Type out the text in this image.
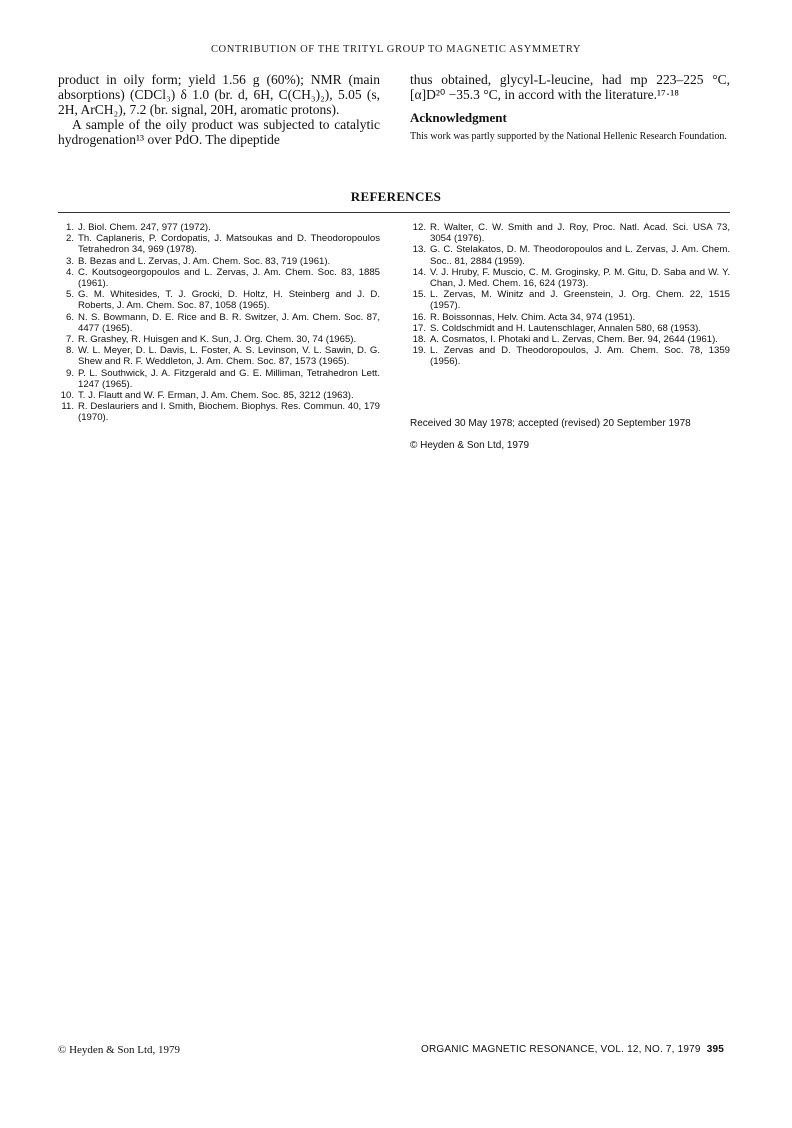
CONTRIBUTION OF THE TRITYL GROUP TO MAGNETIC ASYMMETRY

product in oily form; yield 1.56 g (60%); NMR (main absorptions) (CDCl₃) δ 1.0 (br. d, 6H, C(CH₃)₂), 5.05 (s, 2H, ArCH₂), 7.2 (br. signal, 20H, aromatic protons).

A sample of the oily product was subjected to catalytic hydrogenation¹³ over PdO. The dipeptide

thus obtained, glycyl-L-leucine, had mp 223–225 °C, [α]D²⁰ −35.3 °C, in accord with the literature.¹⁷·¹⁸

Acknowledgment

This work was partly supported by the National Hellenic Research Foundation.

REFERENCES
1. J. Biol. Chem. 247, 977 (1972).
2. Th. Caplaneris, P. Cordopatis, J. Matsoukas and D. Theodoropoulos Tetrahedron 34, 969 (1978).
3. B. Bezas and L. Zervas, J. Am. Chem. Soc. 83, 719 (1961).
4. C. Koutsogeorgopoulos and L. Zervas, J. Am. Chem. Soc. 83, 1885 (1961).
5. G. M. Whitesides, T. J. Grocki, D. Holtz, H. Steinberg and J. D. Roberts, J. Am. Chem. Soc. 87, 1058 (1965).
6. N. S. Bowmann, D. E. Rice and B. R. Switzer, J. Am. Chem. Soc. 87, 4477 (1965).
7. R. Grashey, R. Huisgen and K. Sun, J. Org. Chem. 30, 74 (1965).
8. W. L. Meyer, D. L. Davis, L. Foster, A. S. Levinson, V. L. Sawin, D. G. Shew and R. F. Weddleton, J. Am. Chem. Soc. 87, 1573 (1965).
9. P. L. Southwick, J. A. Fitzgerald and G. E. Milliman, Tetrahedron Lett. 1247 (1965).
10. T. J. Flautt and W. F. Erman, J. Am. Chem. Soc. 85, 3212 (1963).
11. R. Deslauriers and I. Smith, Biochem. Biophys. Res. Commun. 40, 179 (1970).
12. R. Walter, C. W. Smith and J. Roy, Proc. Natl. Acad. Sci. USA 73, 3054 (1976).
13. G. C. Stelakatos, D. M. Theodoropoulos and L. Zervas, J. Am. Chem. Soc.. 81, 2884 (1959).
14. V. J. Hruby, F. Muscio, C. M. Groginsky, P. M. Gitu, D. Saba and W. Y. Chan, J. Med. Chem. 16, 624 (1973).
15. L. Zervas, M. Winitz and J. Greenstein, J. Org. Chem. 22, 1515 (1957).
16. R. Boissonnas, Helv. Chim. Acta 34, 974 (1951).
17. S. Coldschmidt and H. Lautenschlager, Annalen 580, 68 (1953).
18. A. Cosmatos, I. Photaki and L. Zervas, Chem. Ber. 94, 2644 (1961).
19. L. Zervas and D. Theodoropoulos, J. Am. Chem. Soc. 78, 1359 (1956).
Received 30 May 1978; accepted (revised) 20 September 1978
© Heyden & Son Ltd, 1979
© Heyden & Son Ltd, 1979	ORGANIC MAGNETIC RESONANCE, VOL. 12, NO. 7, 1979 395
